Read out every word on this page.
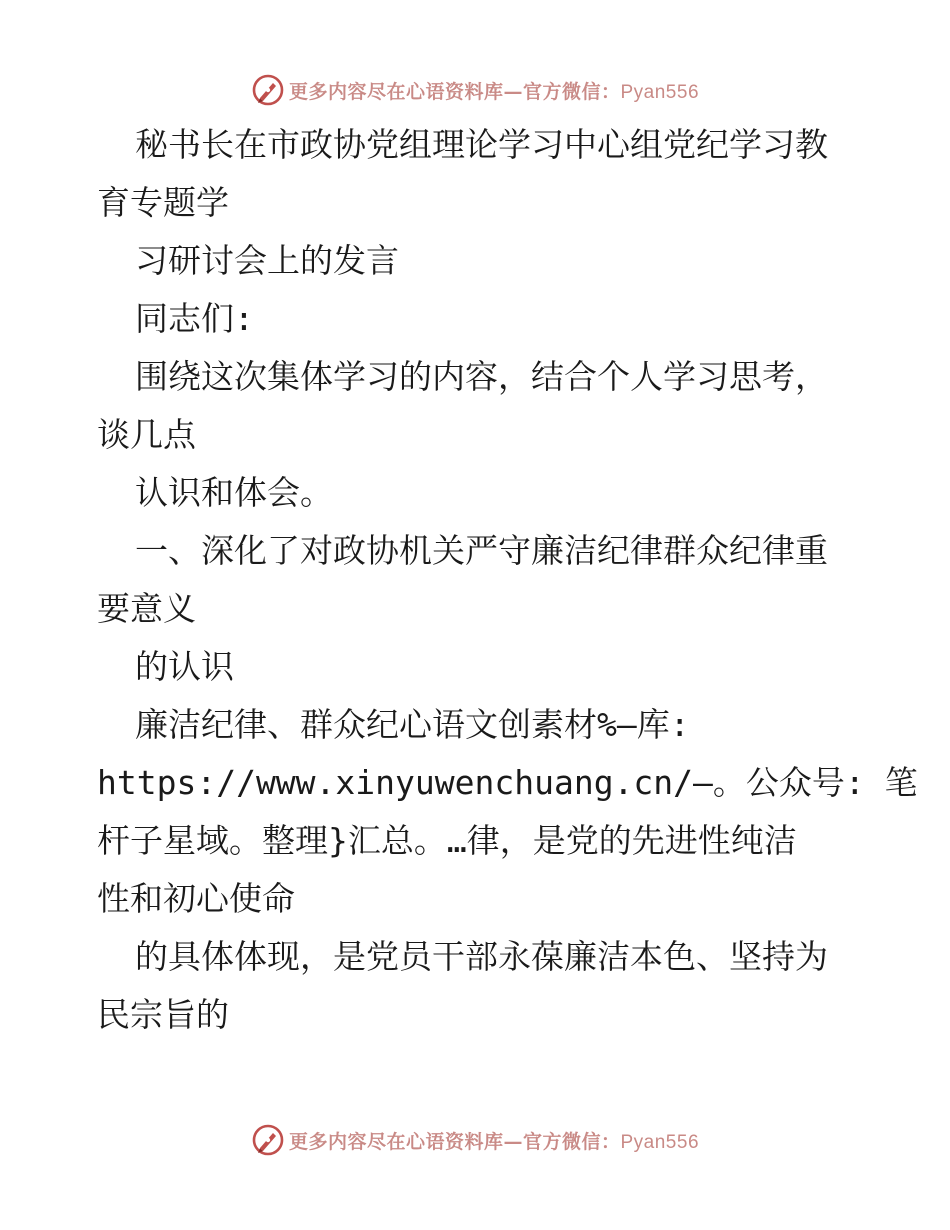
更多内容尽在心语资料库—官方微信：Pyan556
秘书长在市政协党组理论学习中心组党纪学习教
育专题学
习研讨会上的发言
同志们:
围绕这次集体学习的内容，结合个人学习思考，
谈几点
认识和体会。
一、深化了对政协机关严守廉洁纪律群众纪律重
要意义
的认识
廉洁纪律、群众纪心语文创素材%—库:
https://www.xinyuwenchuang.cn/—。公众号: 笔
杆子星域。整理}汇总。…律，是党的先进性纯洁
性和初心使命
的具体体现，是党员干部永葆廉洁本色、坚持为
民宗旨的
更多内容尽在心语资料库—官方微信：Pyan556
